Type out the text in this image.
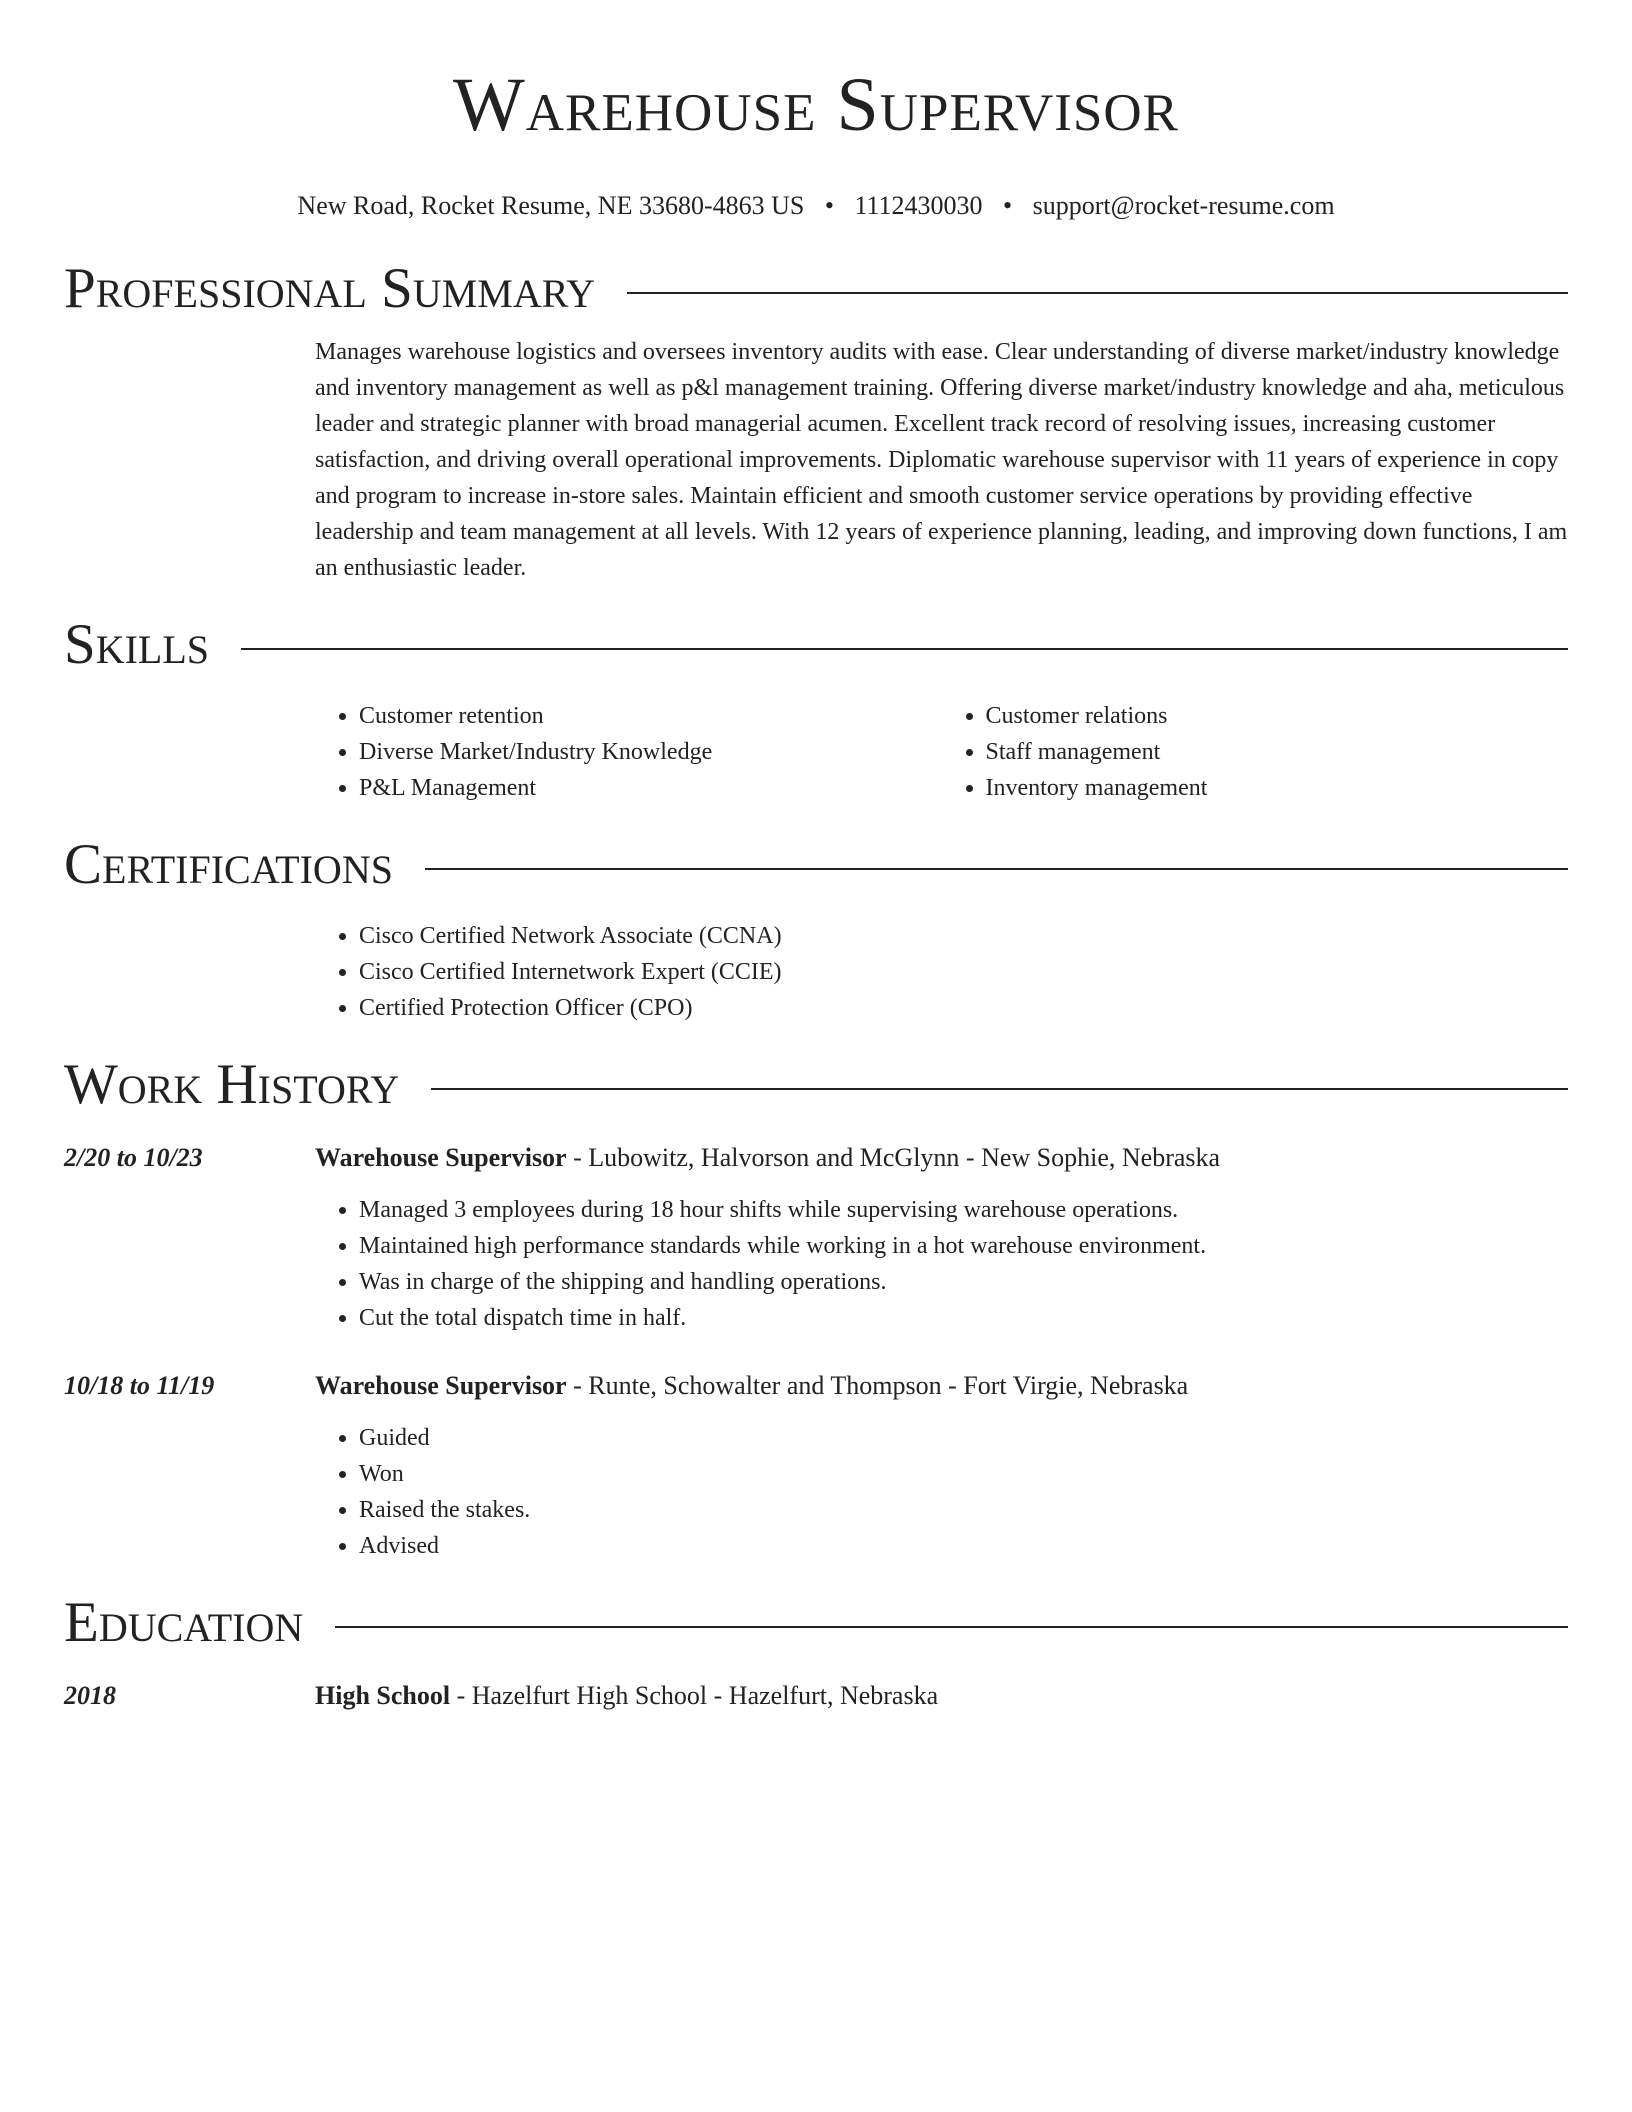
Warehouse Supervisor
New Road, Rocket Resume, NE 33680-4863 US • 1112430030 • support@rocket-resume.com
Professional Summary
Manages warehouse logistics and oversees inventory audits with ease. Clear understanding of diverse market/industry knowledge and inventory management as well as p&l management training. Offering diverse market/industry knowledge and aha, meticulous leader and strategic planner with broad managerial acumen. Excellent track record of resolving issues, increasing customer satisfaction, and driving overall operational improvements. Diplomatic warehouse supervisor with 11 years of experience in copy and program to increase in-store sales. Maintain efficient and smooth customer service operations by providing effective leadership and team management at all levels. With 12 years of experience planning, leading, and improving down functions, I am an enthusiastic leader.
Skills
• Customer retention
• Diverse Market/Industry Knowledge
• P&L Management
• Customer relations
• Staff management
• Inventory management
Certifications
• Cisco Certified Network Associate (CCNA)
• Cisco Certified Internetwork Expert (CCIE)
• Certified Protection Officer (CPO)
Work History
2/20 to 10/23	Warehouse Supervisor - Lubowitz, Halvorson and McGlynn - New Sophie, Nebraska
• Managed 3 employees during 18 hour shifts while supervising warehouse operations.
• Maintained high performance standards while working in a hot warehouse environment.
• Was in charge of the shipping and handling operations.
• Cut the total dispatch time in half.
10/18 to 11/19	Warehouse Supervisor - Runte, Schowalter and Thompson - Fort Virgie, Nebraska
• Guided
• Won
• Raised the stakes.
• Advised
Education
2018	High School - Hazelfurt High School - Hazelfurt, Nebraska
